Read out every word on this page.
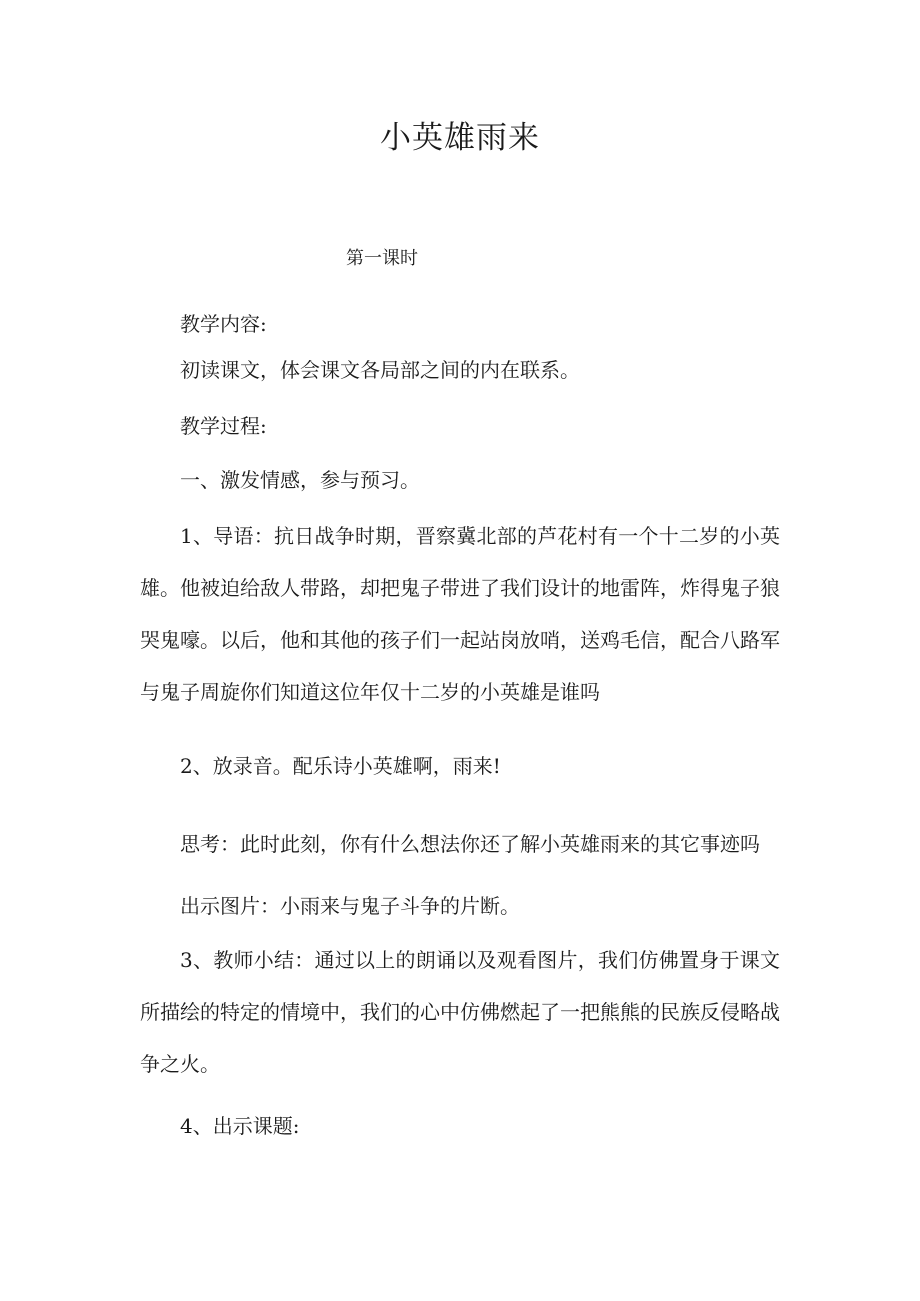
小英雄雨来

第一课时

教学内容:

初读课文，体会课文各局部之间的内在联系。

教学过程:

一、激发情感，参与预习。

1、导语：抗日战争时期，晋察冀北部的芦花村有一个十二岁的小英雄。他被迫给敌人带路，却把鬼子带进了我们设计的地雷阵，炸得鬼子狼哭鬼嚎。以后，他和其他的孩子们一起站岗放哨，送鸡毛信，配合八路军与鬼子周旋你们知道这位年仅十二岁的小英雄是谁吗

2、放录音。配乐诗小英雄啊，雨来!

思考：此时此刻，你有什么想法你还了解小英雄雨来的其它事迹吗

出示图片：小雨来与鬼子斗争的片断。

3、教师小结：通过以上的朗诵以及观看图片，我们仿佛置身于课文所描绘的特定的情境中，我们的心中仿佛燃起了一把熊熊的民族反侵略战争之火。

4、出示课题:
